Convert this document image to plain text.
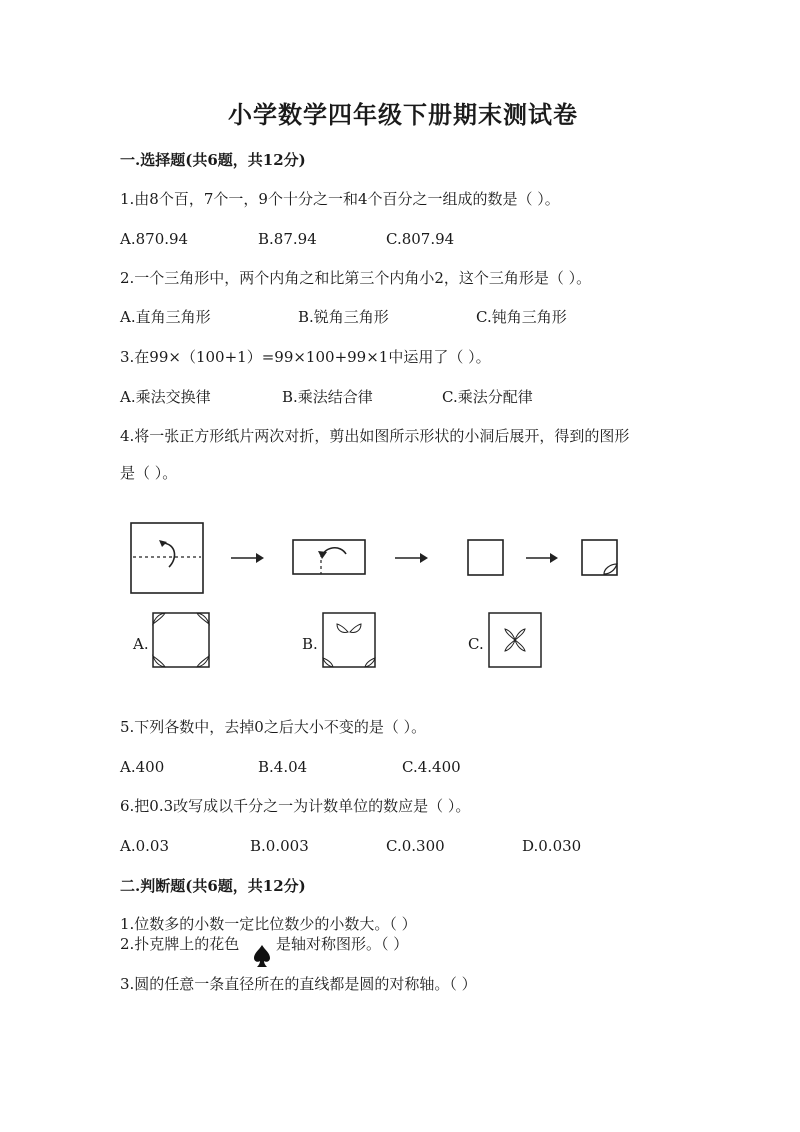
小学数学四年级下册期末测试卷
一.选择题(共6题，共12分)
1.由8个百，7个一，9个十分之一和4个百分之一组成的数是（ ）。
A.870.94	B.87.94	C.807.94
2.一个三角形中，两个内角之和比第三个内角小2，这个三角形是（ ）。
A.直角三角形	B.锐角三角形	C.钝角三角形
3.在99×（100+1）=99×100+99×1中运用了（ ）。
A.乘法交换律	B.乘法结合律	C.乘法分配律
4.将一张正方形纸片两次对折，剪出如图所示形状的小洞后展开，得到的图形
是（ ）。
A.	B.	C.
5.下列各数中，去掉0之后大小不变的是（ ）。
A.400	B.4.04	C.4.400
6.把0.3改写成以千分之一为计数单位的数应是（ ）。
A.0.03	B.0.003	C.0.300	D.0.030
二.判断题(共6题，共12分)
1.位数多的小数一定比位数少的小数大。（ ）
2.扑克牌上的花色 是轴对称图形。（ ）
3.圆的任意一条直径所在的直线都是圆的对称轴。（ ）
